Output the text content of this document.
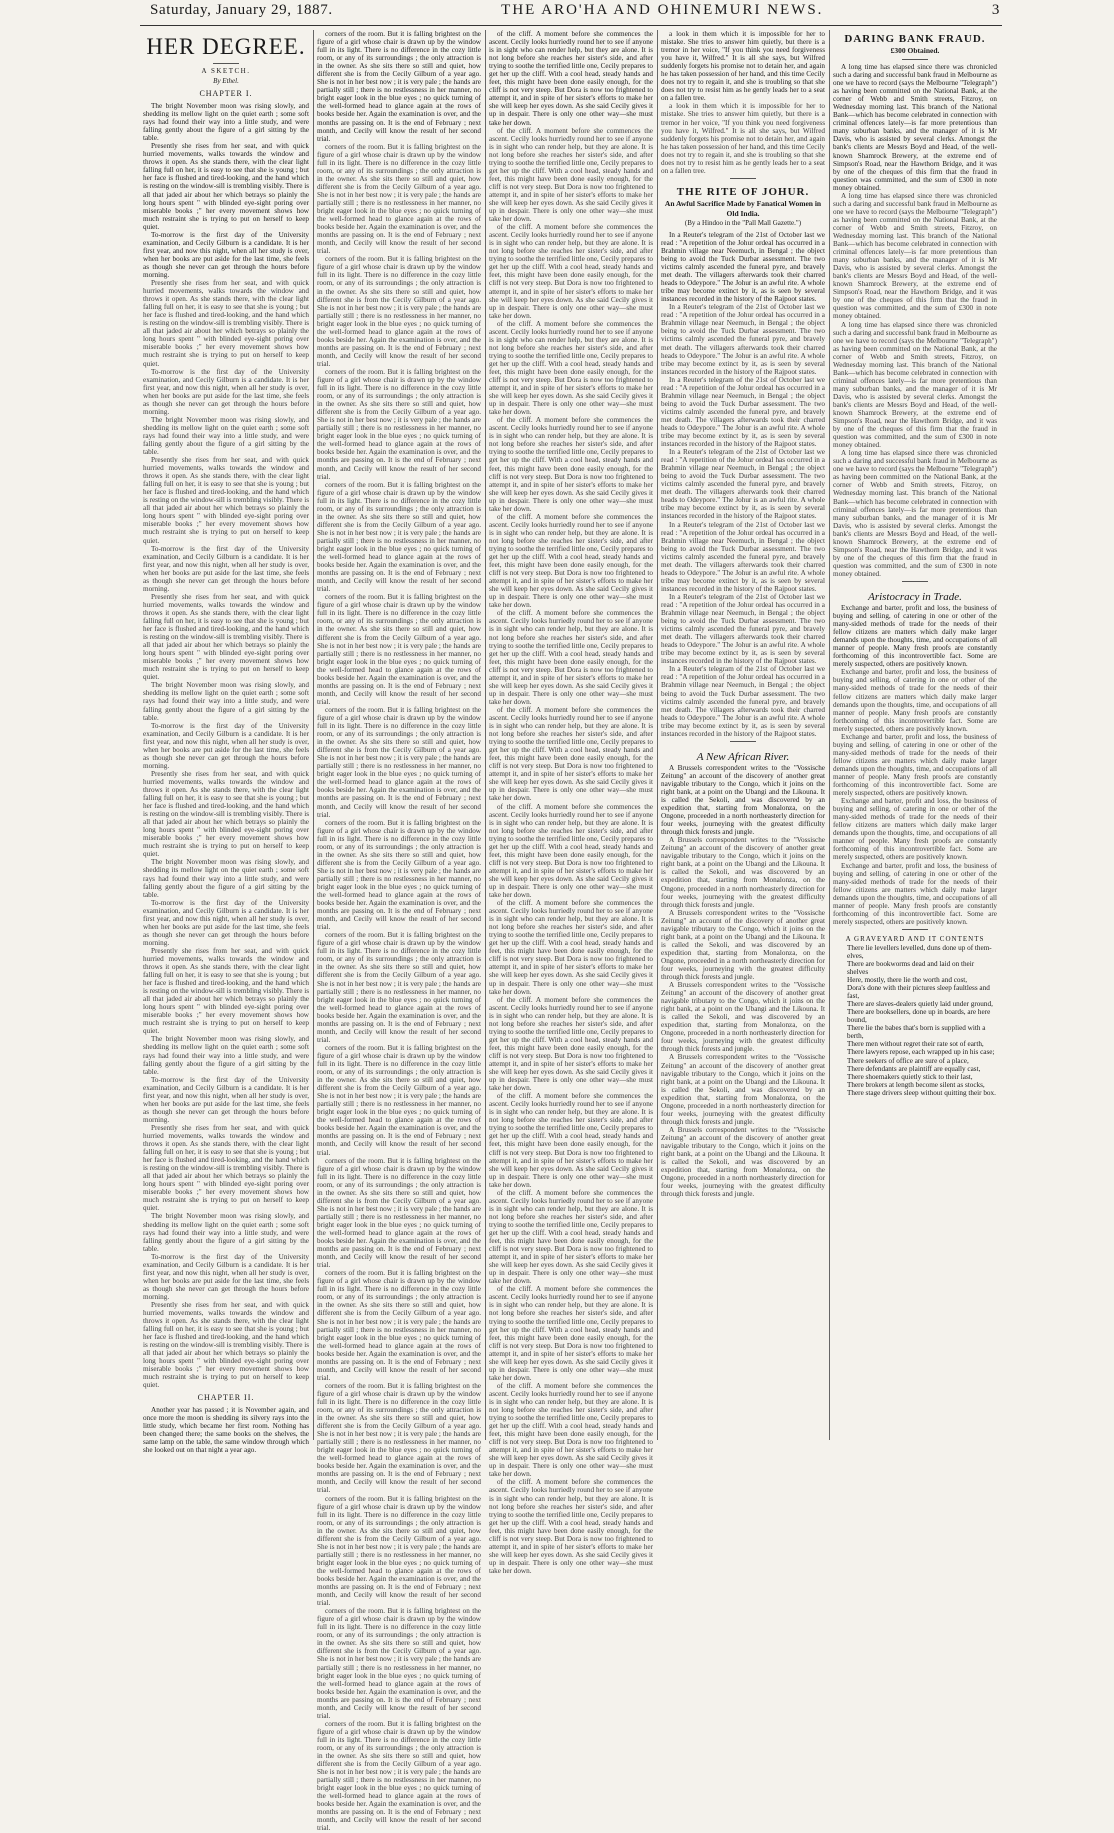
Saturday, January 29, 1887.	THE ARO'HA AND OHINEMURI NEWS.	3
HER DEGREE.
A SKETCH.
By Ethel.
CHAPTER I.

The bright November moon was rising slowly, and shedding its mellow light on the quiet earth ; some soft rays had found their way into a little study, and were falling gently about the figure of a girl sitting by the table.

Presently she rises from her seat, and with quick hurried movements, walks towards the window and throws it open. As she stands there, with the clear light falling full on her, it is easy to see that she is young ; but her face is flushed and tired-looking, and the hand which is resting on the window-sill is trembling visibly. There is all that jaded air about her which betrays so plainly the long hours spent " with blinded eye-sight poring over miserable books ;" her every movement shows how much restraint she is trying to put on herself to keep quiet.

To-morrow is the first day of the University examination, and Cecily Gilburn is a candidate. It is her first year, and now this night, when all her study is over, when her books are put aside for the last time, she feels as though she never can get through the hours before morning.

Presently she rises from her seat, and with quick hurried movements, walks towards the window and throws it open. As she stands there, with the clear light falling full on her, it is easy to see that she is young ; but her face is flushed and tired-looking, and the hand which is resting on the window-sill is trembling visibly. There is all that jaded air about her which betrays so plainly the long hours spent " with blinded eye-sight poring over miserable books ;" her every movement shows how much restraint she is trying to put on herself to keep quiet.

To-morrow is the first day of the University examination, and Cecily Gilburn is a candidate. It is her first year, and now this night, when all her study is over, when her books are put aside for the last time, she feels as though she never can get through the hours before morning.

The bright November moon was rising slowly, and shedding its mellow light on the quiet earth ; some soft rays had found their way into a little study, and were falling gently about the figure of a girl sitting by the table.

Presently she rises from her seat, and with quick hurried movements, walks towards the window and throws it open. As she stands there, with the clear light falling full on her, it is easy to see that she is young ; but her face is flushed and tired-looking, and the hand which is resting on the window-sill is trembling visibly. There is all that jaded air about her which betrays so plainly the long hours spent " with blinded eye-sight poring over miserable books ;" her every movement shows how much restraint she is trying to put on herself to keep quiet.

To-morrow is the first day of the University examination, and Cecily Gilburn is a candidate. It is her first year, and now this night, when all her study is over, when her books are put aside for the last time, she feels as though she never can get through the hours before morning.

Presently she rises from her seat, and with quick hurried movements, walks towards the window and throws it open. As she stands there, with the clear light falling full on her, it is easy to see that she is young ; but her face is flushed and tired-looking, and the hand which is resting on the window-sill is trembling visibly. There is all that jaded air about her which betrays so plainly the long hours spent " with blinded eye-sight poring over miserable books ;" her every movement shows how much restraint she is trying to put on herself to keep quiet.

The bright November moon was rising slowly, and shedding its mellow light on the quiet earth ; some soft rays had found their way into a little study, and were falling gently about the figure of a girl sitting by the table.

To-morrow is the first day of the University examination, and Cecily Gilburn is a candidate. It is her first year, and now this night, when all her study is over, when her books are put aside for the last time, she feels as though she never can get through the hours before morning.

Presently she rises from her seat, and with quick hurried movements, walks towards the window and throws it open. As she stands there, with the clear light falling full on her, it is easy to see that she is young ; but her face is flushed and tired-looking, and the hand which is resting on the window-sill is trembling visibly. There is all that jaded air about her which betrays so plainly the long hours spent " with blinded eye-sight poring over miserable books ;" her every movement shows how much restraint she is trying to put on herself to keep quiet.

The bright November moon was rising slowly, and shedding its mellow light on the quiet earth ; some soft rays had found their way into a little study, and were falling gently about the figure of a girl sitting by the table.

To-morrow is the first day of the University examination, and Cecily Gilburn is a candidate. It is her first year, and now this night, when all her study is over, when her books are put aside for the last time, she feels as though she never can get through the hours before morning.

Presently she rises from her seat, and with quick hurried movements, walks towards the window and throws it open. As she stands there, with the clear light falling full on her, it is easy to see that she is young ; but her face is flushed and tired-looking, and the hand which is resting on the window-sill is trembling visibly. There is all that jaded air about her which betrays so plainly the long hours spent " with blinded eye-sight poring over miserable books ;" her every movement shows how much restraint she is trying to put on herself to keep quiet.

The bright November moon was rising slowly, and shedding its mellow light on the quiet earth ; some soft rays had found their way into a little study, and were falling gently about the figure of a girl sitting by the table.

To-morrow is the first day of the University examination, and Cecily Gilburn is a candidate. It is her first year, and now this night, when all her study is over, when her books are put aside for the last time, she feels as though she never can get through the hours before morning.

Presently she rises from her seat, and with quick hurried movements, walks towards the window and throws it open. As she stands there, with the clear light falling full on her, it is easy to see that she is young ; but her face is flushed and tired-looking, and the hand which is resting on the window-sill is trembling visibly. There is all that jaded air about her which betrays so plainly the long hours spent " with blinded eye-sight poring over miserable books ;" her every movement shows how much restraint she is trying to put on herself to keep quiet.

The bright November moon was rising slowly, and shedding its mellow light on the quiet earth ; some soft rays had found their way into a little study, and were falling gently about the figure of a girl sitting by the table.

To-morrow is the first day of the University examination, and Cecily Gilburn is a candidate. It is her first year, and now this night, when all her study is over, when her books are put aside for the last time, she feels as though she never can get through the hours before morning.

Presently she rises from her seat, and with quick hurried movements, walks towards the window and throws it open. As she stands there, with the clear light falling full on her, it is easy to see that she is young ; but her face is flushed and tired-looking, and the hand which is resting on the window-sill is trembling visibly. There is all that jaded air about her which betrays so plainly the long hours spent " with blinded eye-sight poring over miserable books ;" her every movement shows how much restraint she is trying to put on herself to keep quiet.

CHAPTER II.

Another year has passed ; it is November again, and once more the moon is shedding its silvery rays into the little study, which became her first room. Nothing has been changed there; the same books on the shelves, the same lamp on the table, the same window through which she looked out on that night a year ago.

corners of the room. But it is falling brightest on the figure of a girl whose chair is drawn up by the window full in its light. There is no difference in the cozy little room, or any of its surroundings ; the only attraction is in the owner. As she sits there so still and quiet, how different she is from the Cecily Gilburn of a year ago. She is not in her best now ; it is very pale ; the hands are partially still ; there is no restlessness in her manner, no bright eager look in the blue eyes ; no quick turning of the well-formed head to glance again at the rows of books beside her. Again the examination is over, and the months are passing on. It is the end of February ; next month, and Cecily will know the result of her second trial.

corners of the room. But it is falling brightest on the figure of a girl whose chair is drawn up by the window full in its light. There is no difference in the cozy little room, or any of its surroundings ; the only attraction is in the owner. As she sits there so still and quiet, how different she is from the Cecily Gilburn of a year ago. She is not in her best now ; it is very pale ; the hands are partially still ; there is no restlessness in her manner, no bright eager look in the blue eyes ; no quick turning of the well-formed head to glance again at the rows of books beside her. Again the examination is over, and the months are passing on. It is the end of February ; next month, and Cecily will know the result of her second trial.

corners of the room. But it is falling brightest on the figure of a girl whose chair is drawn up by the window full in its light. There is no difference in the cozy little room, or any of its surroundings ; the only attraction is in the owner. As she sits there so still and quiet, how different she is from the Cecily Gilburn of a year ago. She is not in her best now ; it is very pale ; the hands are partially still ; there is no restlessness in her manner, no bright eager look in the blue eyes ; no quick turning of the well-formed head to glance again at the rows of books beside her. Again the examination is over, and the months are passing on. It is the end of February ; next month, and Cecily will know the result of her second trial.

corners of the room. But it is falling brightest on the figure of a girl whose chair is drawn up by the window full in its light. There is no difference in the cozy little room, or any of its surroundings ; the only attraction is in the owner. As she sits there so still and quiet, how different she is from the Cecily Gilburn of a year ago. She is not in her best now ; it is very pale ; the hands are partially still ; there is no restlessness in her manner, no bright eager look in the blue eyes ; no quick turning of the well-formed head to glance again at the rows of books beside her. Again the examination is over, and the months are passing on. It is the end of February ; next month, and Cecily will know the result of her second trial.

corners of the room. But it is falling brightest on the figure of a girl whose chair is drawn up by the window full in its light. There is no difference in the cozy little room, or any of its surroundings ; the only attraction is in the owner. As she sits there so still and quiet, how different she is from the Cecily Gilburn of a year ago. She is not in her best now ; it is very pale ; the hands are partially still ; there is no restlessness in her manner, no bright eager look in the blue eyes ; no quick turning of the well-formed head to glance again at the rows of books beside her. Again the examination is over, and the months are passing on. It is the end of February ; next month, and Cecily will know the result of her second trial.

corners of the room. But it is falling brightest on the figure of a girl whose chair is drawn up by the window full in its light. There is no difference in the cozy little room, or any of its surroundings ; the only attraction is in the owner. As she sits there so still and quiet, how different she is from the Cecily Gilburn of a year ago. She is not in her best now ; it is very pale ; the hands are partially still ; there is no restlessness in her manner, no bright eager look in the blue eyes ; no quick turning of the well-formed head to glance again at the rows of books beside her. Again the examination is over, and the months are passing on. It is the end of February ; next month, and Cecily will know the result of her second trial.

corners of the room. But it is falling brightest on the figure of a girl whose chair is drawn up by the window full in its light. There is no difference in the cozy little room, or any of its surroundings ; the only attraction is in the owner. As she sits there so still and quiet, how different she is from the Cecily Gilburn of a year ago. She is not in her best now ; it is very pale ; the hands are partially still ; there is no restlessness in her manner, no bright eager look in the blue eyes ; no quick turning of the well-formed head to glance again at the rows of books beside her. Again the examination is over, and the months are passing on. It is the end of February ; next month, and Cecily will know the result of her second trial.

corners of the room. But it is falling brightest on the figure of a girl whose chair is drawn up by the window full in its light. There is no difference in the cozy little room, or any of its surroundings ; the only attraction is in the owner. As she sits there so still and quiet, how different she is from the Cecily Gilburn of a year ago. She is not in her best now ; it is very pale ; the hands are partially still ; there is no restlessness in her manner, no bright eager look in the blue eyes ; no quick turning of the well-formed head to glance again at the rows of books beside her. Again the examination is over, and the months are passing on. It is the end of February ; next month, and Cecily will know the result of her second trial.

corners of the room. But it is falling brightest on the figure of a girl whose chair is drawn up by the window full in its light. There is no difference in the cozy little room, or any of its surroundings ; the only attraction is in the owner. As she sits there so still and quiet, how different she is from the Cecily Gilburn of a year ago. She is not in her best now ; it is very pale ; the hands are partially still ; there is no restlessness in her manner, no bright eager look in the blue eyes ; no quick turning of the well-formed head to glance again at the rows of books beside her. Again the examination is over, and the months are passing on. It is the end of February ; next month, and Cecily will know the result of her second trial.

corners of the room. But it is falling brightest on the figure of a girl whose chair is drawn up by the window full in its light. There is no difference in the cozy little room, or any of its surroundings ; the only attraction is in the owner. As she sits there so still and quiet, how different she is from the Cecily Gilburn of a year ago. She is not in her best now ; it is very pale ; the hands are partially still ; there is no restlessness in her manner, no bright eager look in the blue eyes ; no quick turning of the well-formed head to glance again at the rows of books beside her. Again the examination is over, and the months are passing on. It is the end of February ; next month, and Cecily will know the result of her second trial.

corners of the room. But it is falling brightest on the figure of a girl whose chair is drawn up by the window full in its light. There is no difference in the cozy little room, or any of its surroundings ; the only attraction is in the owner. As she sits there so still and quiet, how different she is from the Cecily Gilburn of a year ago. She is not in her best now ; it is very pale ; the hands are partially still ; there is no restlessness in her manner, no bright eager look in the blue eyes ; no quick turning of the well-formed head to glance again at the rows of books beside her. Again the examination is over, and the months are passing on. It is the end of February ; next month, and Cecily will know the result of her second trial.

corners of the room. But it is falling brightest on the figure of a girl whose chair is drawn up by the window full in its light. There is no difference in the cozy little room, or any of its surroundings ; the only attraction is in the owner. As she sits there so still and quiet, how different she is from the Cecily Gilburn of a year ago. She is not in her best now ; it is very pale ; the hands are partially still ; there is no restlessness in her manner, no bright eager look in the blue eyes ; no quick turning of the well-formed head to glance again at the rows of books beside her. Again the examination is over, and the months are passing on. It is the end of February ; next month, and Cecily will know the result of her second trial.

corners of the room. But it is falling brightest on the figure of a girl whose chair is drawn up by the window full in its light. There is no difference in the cozy little room, or any of its surroundings ; the only attraction is in the owner. As she sits there so still and quiet, how different she is from the Cecily Gilburn of a year ago. She is not in her best now ; it is very pale ; the hands are partially still ; there is no restlessness in her manner, no bright eager look in the blue eyes ; no quick turning of the well-formed head to glance again at the rows of books beside her. Again the examination is over, and the months are passing on. It is the end of February ; next month, and Cecily will know the result of her second trial.

corners of the room. But it is falling brightest on the figure of a girl whose chair is drawn up by the window full in its light. There is no difference in the cozy little room, or any of its surroundings ; the only attraction is in the owner. As she sits there so still and quiet, how different she is from the Cecily Gilburn of a year ago. She is not in her best now ; it is very pale ; the hands are partially still ; there is no restlessness in her manner, no bright eager look in the blue eyes ; no quick turning of the well-formed head to glance again at the rows of books beside her. Again the examination is over, and the months are passing on. It is the end of February ; next month, and Cecily will know the result of her second trial.

corners of the room. But it is falling brightest on the figure of a girl whose chair is drawn up by the window full in its light. There is no difference in the cozy little room, or any of its surroundings ; the only attraction is in the owner. As she sits there so still and quiet, how different she is from the Cecily Gilburn of a year ago. She is not in her best now ; it is very pale ; the hands are partially still ; there is no restlessness in her manner, no bright eager look in the blue eyes ; no quick turning of the well-formed head to glance again at the rows of books beside her. Again the examination is over, and the months are passing on. It is the end of February ; next month, and Cecily will know the result of her second trial.

corners of the room. But it is falling brightest on the figure of a girl whose chair is drawn up by the window full in its light. There is no difference in the cozy little room, or any of its surroundings ; the only attraction is in the owner. As she sits there so still and quiet, how different she is from the Cecily Gilburn of a year ago. She is not in her best now ; it is very pale ; the hands are partially still ; there is no restlessness in her manner, no bright eager look in the blue eyes ; no quick turning of the well-formed head to glance again at the rows of books beside her. Again the examination is over, and the months are passing on. It is the end of February ; next month, and Cecily will know the result of her second trial.

of the cliff. A moment before she commences the ascent. Cecily looks hurriedly round her to see if anyone is in sight who can render help, but they are alone. It is not long before she reaches her sister's side, and after trying to soothe the terrified little one, Cecily prepares to get her up the cliff. With a cool head, steady hands and feet, this might have been done easily enough, for the cliff is not very steep. But Dora is now too frightened to attempt it, and in spite of her sister's efforts to make her she will keep her eyes down. As she said Cecily gives it up in despair. There is only one other way—she must take her down.

of the cliff. A moment before she commences the ascent. Cecily looks hurriedly round her to see if anyone is in sight who can render help, but they are alone. It is not long before she reaches her sister's side, and after trying to soothe the terrified little one, Cecily prepares to get her up the cliff. With a cool head, steady hands and feet, this might have been done easily enough, for the cliff is not very steep. But Dora is now too frightened to attempt it, and in spite of her sister's efforts to make her she will keep her eyes down. As she said Cecily gives it up in despair. There is only one other way—she must take her down.

of the cliff. A moment before she commences the ascent. Cecily looks hurriedly round her to see if anyone is in sight who can render help, but they are alone. It is not long before she reaches her sister's side, and after trying to soothe the terrified little one, Cecily prepares to get her up the cliff. With a cool head, steady hands and feet, this might have been done easily enough, for the cliff is not very steep. But Dora is now too frightened to attempt it, and in spite of her sister's efforts to make her she will keep her eyes down. As she said Cecily gives it up in despair. There is only one other way—she must take her down.

of the cliff. A moment before she commences the ascent. Cecily looks hurriedly round her to see if anyone is in sight who can render help, but they are alone. It is not long before she reaches her sister's side, and after trying to soothe the terrified little one, Cecily prepares to get her up the cliff. With a cool head, steady hands and feet, this might have been done easily enough, for the cliff is not very steep. But Dora is now too frightened to attempt it, and in spite of her sister's efforts to make her she will keep her eyes down. As she said Cecily gives it up in despair. There is only one other way—she must take her down.

of the cliff. A moment before she commences the ascent. Cecily looks hurriedly round her to see if anyone is in sight who can render help, but they are alone. It is not long before she reaches her sister's side, and after trying to soothe the terrified little one, Cecily prepares to get her up the cliff. With a cool head, steady hands and feet, this might have been done easily enough, for the cliff is not very steep. But Dora is now too frightened to attempt it, and in spite of her sister's efforts to make her she will keep her eyes down. As she said Cecily gives it up in despair. There is only one other way—she must take her down.

of the cliff. A moment before she commences the ascent. Cecily looks hurriedly round her to see if anyone is in sight who can render help, but they are alone. It is not long before she reaches her sister's side, and after trying to soothe the terrified little one, Cecily prepares to get her up the cliff. With a cool head, steady hands and feet, this might have been done easily enough, for the cliff is not very steep. But Dora is now too frightened to attempt it, and in spite of her sister's efforts to make her she will keep her eyes down. As she said Cecily gives it up in despair. There is only one other way—she must take her down.

of the cliff. A moment before she commences the ascent. Cecily looks hurriedly round her to see if anyone is in sight who can render help, but they are alone. It is not long before she reaches her sister's side, and after trying to soothe the terrified little one, Cecily prepares to get her up the cliff. With a cool head, steady hands and feet, this might have been done easily enough, for the cliff is not very steep. But Dora is now too frightened to attempt it, and in spite of her sister's efforts to make her she will keep her eyes down. As she said Cecily gives it up in despair. There is only one other way—she must take her down.

of the cliff. A moment before she commences the ascent. Cecily looks hurriedly round her to see if anyone is in sight who can render help, but they are alone. It is not long before she reaches her sister's side, and after trying to soothe the terrified little one, Cecily prepares to get her up the cliff. With a cool head, steady hands and feet, this might have been done easily enough, for the cliff is not very steep. But Dora is now too frightened to attempt it, and in spite of her sister's efforts to make her she will keep her eyes down. As she said Cecily gives it up in despair. There is only one other way—she must take her down.

of the cliff. A moment before she commences the ascent. Cecily looks hurriedly round her to see if anyone is in sight who can render help, but they are alone. It is not long before she reaches her sister's side, and after trying to soothe the terrified little one, Cecily prepares to get her up the cliff. With a cool head, steady hands and feet, this might have been done easily enough, for the cliff is not very steep. But Dora is now too frightened to attempt it, and in spite of her sister's efforts to make her she will keep her eyes down. As she said Cecily gives it up in despair. There is only one other way—she must take her down.

of the cliff. A moment before she commences the ascent. Cecily looks hurriedly round her to see if anyone is in sight who can render help, but they are alone. It is not long before she reaches her sister's side, and after trying to soothe the terrified little one, Cecily prepares to get her up the cliff. With a cool head, steady hands and feet, this might have been done easily enough, for the cliff is not very steep. But Dora is now too frightened to attempt it, and in spite of her sister's efforts to make her she will keep her eyes down. As she said Cecily gives it up in despair. There is only one other way—she must take her down.

of the cliff. A moment before she commences the ascent. Cecily looks hurriedly round her to see if anyone is in sight who can render help, but they are alone. It is not long before she reaches her sister's side, and after trying to soothe the terrified little one, Cecily prepares to get her up the cliff. With a cool head, steady hands and feet, this might have been done easily enough, for the cliff is not very steep. But Dora is now too frightened to attempt it, and in spite of her sister's efforts to make her she will keep her eyes down. As she said Cecily gives it up in despair. There is only one other way—she must take her down.

of the cliff. A moment before she commences the ascent. Cecily looks hurriedly round her to see if anyone is in sight who can render help, but they are alone. It is not long before she reaches her sister's side, and after trying to soothe the terrified little one, Cecily prepares to get her up the cliff. With a cool head, steady hands and feet, this might have been done easily enough, for the cliff is not very steep. But Dora is now too frightened to attempt it, and in spite of her sister's efforts to make her she will keep her eyes down. As she said Cecily gives it up in despair. There is only one other way—she must take her down.

of the cliff. A moment before she commences the ascent. Cecily looks hurriedly round her to see if anyone is in sight who can render help, but they are alone. It is not long before she reaches her sister's side, and after trying to soothe the terrified little one, Cecily prepares to get her up the cliff. With a cool head, steady hands and feet, this might have been done easily enough, for the cliff is not very steep. But Dora is now too frightened to attempt it, and in spite of her sister's efforts to make her she will keep her eyes down. As she said Cecily gives it up in despair. There is only one other way—she must take her down.

of the cliff. A moment before she commences the ascent. Cecily looks hurriedly round her to see if anyone is in sight who can render help, but they are alone. It is not long before she reaches her sister's side, and after trying to soothe the terrified little one, Cecily prepares to get her up the cliff. With a cool head, steady hands and feet, this might have been done easily enough, for the cliff is not very steep. But Dora is now too frightened to attempt it, and in spite of her sister's efforts to make her she will keep her eyes down. As she said Cecily gives it up in despair. There is only one other way—she must take her down.

of the cliff. A moment before she commences the ascent. Cecily looks hurriedly round her to see if anyone is in sight who can render help, but they are alone. It is not long before she reaches her sister's side, and after trying to soothe the terrified little one, Cecily prepares to get her up the cliff. With a cool head, steady hands and feet, this might have been done easily enough, for the cliff is not very steep. But Dora is now too frightened to attempt it, and in spite of her sister's efforts to make her she will keep her eyes down. As she said Cecily gives it up in despair. There is only one other way—she must take her down.

of the cliff. A moment before she commences the ascent. Cecily looks hurriedly round her to see if anyone is in sight who can render help, but they are alone. It is not long before she reaches her sister's side, and after trying to soothe the terrified little one, Cecily prepares to get her up the cliff. With a cool head, steady hands and feet, this might have been done easily enough, for the cliff is not very steep. But Dora is now too frightened to attempt it, and in spite of her sister's efforts to make her she will keep her eyes down. As she said Cecily gives it up in despair. There is only one other way—she must take her down.

a look in them which it is impossible for her to mistake. She tries to answer him quietly, but there is a tremor in her voice, "If you think you need forgiveness you have it, Wilfred." It is all she says, but Wilfred suddenly forgets his promise not to detain her, and again he has taken possession of her hand, and this time Cecily does not try to regain it, and she is troubling so that she does not try to resist him as he gently leads her to a seat on a fallen tree.

a look in them which it is impossible for her to mistake. She tries to answer him quietly, but there is a tremor in her voice, "If you think you need forgiveness you have it, Wilfred." It is all she says, but Wilfred suddenly forgets his promise not to detain her, and again he has taken possession of her hand, and this time Cecily does not try to regain it, and she is troubling so that she does not try to resist him as he gently leads her to a seat on a fallen tree.

THE RITE OF JOHUR.
An Awful Sacrifice Made by Fanatical Women in Old India.
(By a Hindoo in the "Pall Mall Gazette.")

In a Reuter's telegram of the 21st of October last we read : "A repetition of the Johur ordeal has occurred in a Brahmin village near Neemuch, in Bengal ; the object being to avoid the Tuck Durbar assessment. The two victims calmly ascended the funeral pyre, and bravely met death. The villagers afterwards took their charred heads to Odeypore." The Johur is an awful rite. A whole tribe may become extinct by it, as is seen by several instances recorded in the history of the Rajpoot states.

In a Reuter's telegram of the 21st of October last we read : "A repetition of the Johur ordeal has occurred in a Brahmin village near Neemuch, in Bengal ; the object being to avoid the Tuck Durbar assessment. The two victims calmly ascended the funeral pyre, and bravely met death. The villagers afterwards took their charred heads to Odeypore." The Johur is an awful rite. A whole tribe may become extinct by it, as is seen by several instances recorded in the history of the Rajpoot states.

In a Reuter's telegram of the 21st of October last we read : "A repetition of the Johur ordeal has occurred in a Brahmin village near Neemuch, in Bengal ; the object being to avoid the Tuck Durbar assessment. The two victims calmly ascended the funeral pyre, and bravely met death. The villagers afterwards took their charred heads to Odeypore." The Johur is an awful rite. A whole tribe may become extinct by it, as is seen by several instances recorded in the history of the Rajpoot states.

In a Reuter's telegram of the 21st of October last we read : "A repetition of the Johur ordeal has occurred in a Brahmin village near Neemuch, in Bengal ; the object being to avoid the Tuck Durbar assessment. The two victims calmly ascended the funeral pyre, and bravely met death. The villagers afterwards took their charred heads to Odeypore." The Johur is an awful rite. A whole tribe may become extinct by it, as is seen by several instances recorded in the history of the Rajpoot states.

In a Reuter's telegram of the 21st of October last we read : "A repetition of the Johur ordeal has occurred in a Brahmin village near Neemuch, in Bengal ; the object being to avoid the Tuck Durbar assessment. The two victims calmly ascended the funeral pyre, and bravely met death. The villagers afterwards took their charred heads to Odeypore." The Johur is an awful rite. A whole tribe may become extinct by it, as is seen by several instances recorded in the history of the Rajpoot states.

In a Reuter's telegram of the 21st of October last we read : "A repetition of the Johur ordeal has occurred in a Brahmin village near Neemuch, in Bengal ; the object being to avoid the Tuck Durbar assessment. The two victims calmly ascended the funeral pyre, and bravely met death. The villagers afterwards took their charred heads to Odeypore." The Johur is an awful rite. A whole tribe may become extinct by it, as is seen by several instances recorded in the history of the Rajpoot states.

In a Reuter's telegram of the 21st of October last we read : "A repetition of the Johur ordeal has occurred in a Brahmin village near Neemuch, in Bengal ; the object being to avoid the Tuck Durbar assessment. The two victims calmly ascended the funeral pyre, and bravely met death. The villagers afterwards took their charred heads to Odeypore." The Johur is an awful rite. A whole tribe may become extinct by it, as is seen by several instances recorded in the history of the Rajpoot states.

A New African River.

A Brussels correspondent writes to the "Vossische Zeitung" an account of the discovery of another great navigable tributary to the Congo, which it joins on the right bank, at a point on the Ubangi and the Likouna. It is called the Sekoli, and was discovered by an expedition that, starting from Monalonza, on the Ongone, proceeded in a north northeasterly direction for four weeks, journeying with the greatest difficulty through thick forests and jungle.

A Brussels correspondent writes to the "Vossische Zeitung" an account of the discovery of another great navigable tributary to the Congo, which it joins on the right bank, at a point on the Ubangi and the Likouna. It is called the Sekoli, and was discovered by an expedition that, starting from Monalonza, on the Ongone, proceeded in a north northeasterly direction for four weeks, journeying with the greatest difficulty through thick forests and jungle.

A Brussels correspondent writes to the "Vossische Zeitung" an account of the discovery of another great navigable tributary to the Congo, which it joins on the right bank, at a point on the Ubangi and the Likouna. It is called the Sekoli, and was discovered by an expedition that, starting from Monalonza, on the Ongone, proceeded in a north northeasterly direction for four weeks, journeying with the greatest difficulty through thick forests and jungle.

A Brussels correspondent writes to the "Vossische Zeitung" an account of the discovery of another great navigable tributary to the Congo, which it joins on the right bank, at a point on the Ubangi and the Likouna. It is called the Sekoli, and was discovered by an expedition that, starting from Monalonza, on the Ongone, proceeded in a north northeasterly direction for four weeks, journeying with the greatest difficulty through thick forests and jungle.

A Brussels correspondent writes to the "Vossische Zeitung" an account of the discovery of another great navigable tributary to the Congo, which it joins on the right bank, at a point on the Ubangi and the Likouna. It is called the Sekoli, and was discovered by an expedition that, starting from Monalonza, on the Ongone, proceeded in a north northeasterly direction for four weeks, journeying with the greatest difficulty through thick forests and jungle.

A Brussels correspondent writes to the "Vossische Zeitung" an account of the discovery of another great navigable tributary to the Congo, which it joins on the right bank, at a point on the Ubangi and the Likouna. It is called the Sekoli, and was discovered by an expedition that, starting from Monalonza, on the Ongone, proceeded in a north northeasterly direction for four weeks, journeying with the greatest difficulty through thick forests and jungle.

DARING BANK FRAUD.
£300 Obtained.

A long time has elapsed since there was chronicled such a daring and successful bank fraud in Melbourne as one we have to record (says the Melbourne "Telegraph") as having been committed on the National Bank, at the corner of Webb and Smith streets, Fitzroy, on Wednesday morning last. This branch of the National Bank—which has become celebrated in connection with criminal offences lately—is far more pretentious than many suburban banks, and the manager of it is Mr Davis, who is assisted by several clerks. Amongst the bank's clients are Messrs Boyd and Head, of the well-known Shamrock Brewery, at the extreme end of Simpson's Road, near the Hawthorn Bridge, and it was by one of the cheques of this firm that the fraud in question was committed, and the sum of £300 in note money obtained.

A long time has elapsed since there was chronicled such a daring and successful bank fraud in Melbourne as one we have to record (says the Melbourne "Telegraph") as having been committed on the National Bank, at the corner of Webb and Smith streets, Fitzroy, on Wednesday morning last. This branch of the National Bank—which has become celebrated in connection with criminal offences lately—is far more pretentious than many suburban banks, and the manager of it is Mr Davis, who is assisted by several clerks. Amongst the bank's clients are Messrs Boyd and Head, of the well-known Shamrock Brewery, at the extreme end of Simpson's Road, near the Hawthorn Bridge, and it was by one of the cheques of this firm that the fraud in question was committed, and the sum of £300 in note money obtained.

A long time has elapsed since there was chronicled such a daring and successful bank fraud in Melbourne as one we have to record (says the Melbourne "Telegraph") as having been committed on the National Bank, at the corner of Webb and Smith streets, Fitzroy, on Wednesday morning last. This branch of the National Bank—which has become celebrated in connection with criminal offences lately—is far more pretentious than many suburban banks, and the manager of it is Mr Davis, who is assisted by several clerks. Amongst the bank's clients are Messrs Boyd and Head, of the well-known Shamrock Brewery, at the extreme end of Simpson's Road, near the Hawthorn Bridge, and it was by one of the cheques of this firm that the fraud in question was committed, and the sum of £300 in note money obtained.

A long time has elapsed since there was chronicled such a daring and successful bank fraud in Melbourne as one we have to record (says the Melbourne "Telegraph") as having been committed on the National Bank, at the corner of Webb and Smith streets, Fitzroy, on Wednesday morning last. This branch of the National Bank—which has become celebrated in connection with criminal offences lately—is far more pretentious than many suburban banks, and the manager of it is Mr Davis, who is assisted by several clerks. Amongst the bank's clients are Messrs Boyd and Head, of the well-known Shamrock Brewery, at the extreme end of Simpson's Road, near the Hawthorn Bridge, and it was by one of the cheques of this firm that the fraud in question was committed, and the sum of £300 in note money obtained.

Aristocracy in Trade.

Exchange and barter, profit and loss, the business of buying and selling, of catering in one or other of the many-sided methods of trade for the needs of their fellow citizens are matters which daily make larger demands upon the thoughts, time, and occupations of all manner of people. Many fresh proofs are constantly forthcoming of this incontrovertible fact. Some are merely suspected, others are positively known.

Exchange and barter, profit and loss, the business of buying and selling, of catering in one or other of the many-sided methods of trade for the needs of their fellow citizens are matters which daily make larger demands upon the thoughts, time, and occupations of all manner of people. Many fresh proofs are constantly forthcoming of this incontrovertible fact. Some are merely suspected, others are positively known.

Exchange and barter, profit and loss, the business of buying and selling, of catering in one or other of the many-sided methods of trade for the needs of their fellow citizens are matters which daily make larger demands upon the thoughts, time, and occupations of all manner of people. Many fresh proofs are constantly forthcoming of this incontrovertible fact. Some are merely suspected, others are positively known.

Exchange and barter, profit and loss, the business of buying and selling, of catering in one or other of the many-sided methods of trade for the needs of their fellow citizens are matters which daily make larger demands upon the thoughts, time, and occupations of all manner of people. Many fresh proofs are constantly forthcoming of this incontrovertible fact. Some are merely suspected, others are positively known.

Exchange and barter, profit and loss, the business of buying and selling, of catering in one or other of the many-sided methods of trade for the needs of their fellow citizens are matters which daily make larger demands upon the thoughts, time, and occupations of all manner of people. Many fresh proofs are constantly forthcoming of this incontrovertible fact. Some are merely suspected, others are positively known.

A GRAVEYARD AND IT CONTENTS

There lie levellers levelled, duns done up of them-elves,

There are bookworms dead and laid on their shelves

Here, mostly, there lie the worth and cost,

Dora's done with their pictures sleep faultless and fast,

There are slaves-dealers quietly laid under ground,

There are booksellers, done up in boards, are here bound,

There lie the babes that's born is supplied with a berth,

There men without regret their rate sot of earth,

There lawyers repose, each wrapped up in his case;

There seekers of office are sure of a place,

There defendants are plaintiff are equally cast,

There shoemakers quietly stick to their last,

There brokers at length become silent as stocks,

There stage drivers sleep without quitting their box.
